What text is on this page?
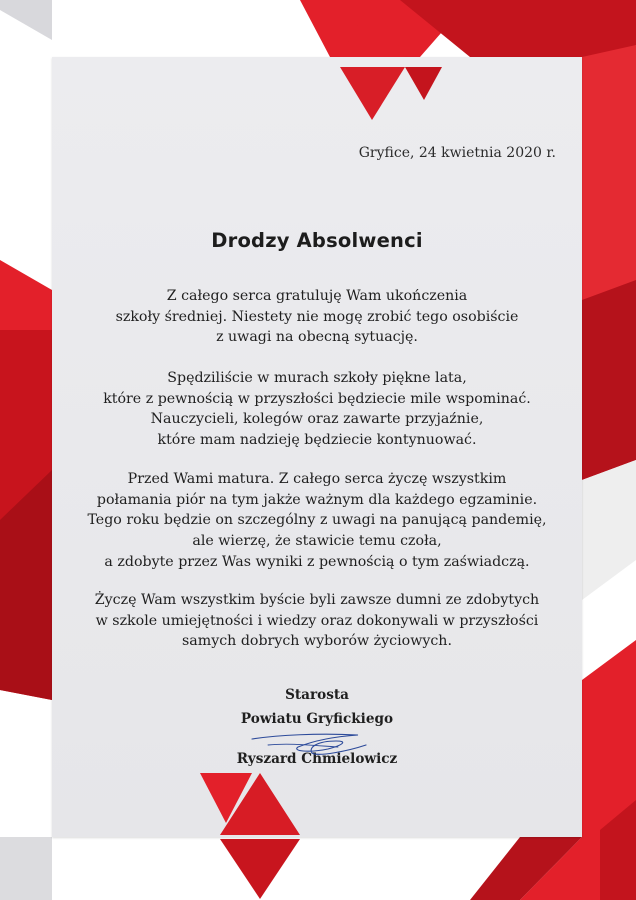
Gryfice, 24 kwietnia 2020 r.
Drodzy Absolwenci
Z całego serca gratuluję Wam ukończenia
szkoły średniej. Niestety nie mogę zrobić tego osobiście
z uwagi na obecną sytuację.
Spędziliście w murach szkoły piękne lata,
które z pewnością w przyszłości będziecie mile wspominać.
Nauczycieli, kolegów oraz zawarte przyjaźnie,
które mam nadzieję będziecie kontynuować.
Przed Wami matura. Z całego serca życzę wszystkim
połamania piór na tym jakże ważnym dla każdego egzaminie.
Tego roku będzie on szczególny z uwagi na panującą pandemię,
ale wierzę, że stawicie temu czoła,
a zdobyte przez Was wyniki z pewnością o tym zaświadczą.
Życzę Wam wszystkim byście byli zawsze dumni ze zdobytych
w szkole umiejętności i wiedzy oraz dokonywali w przyszłości
samych dobrych wyborów życiowych.
Starosta
Powiatu Gryfickiego
Ryszard Chmielowicz
